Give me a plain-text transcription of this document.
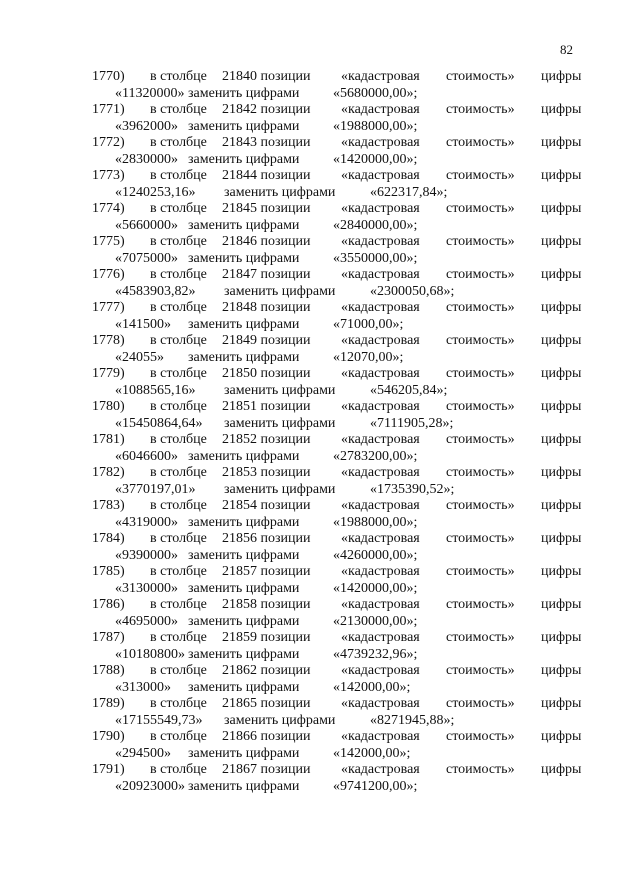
82
1770) в столбце 21840 позиции «кадастровая стоимость» цифры
«11320000» заменить цифрами «5680000,00»;
1771) в столбце 21842 позиции «кадастровая стоимость» цифры
«3962000» заменить цифрами «1988000,00»;
1772) в столбце 21843 позиции «кадастровая стоимость» цифры
«2830000» заменить цифрами «1420000,00»;
1773) в столбце 21844 позиции «кадастровая стоимость» цифры
«1240253,16» заменить цифрами «622317,84»;
1774) в столбце 21845 позиции «кадастровая стоимость» цифры
«5660000» заменить цифрами «2840000,00»;
1775) в столбце 21846 позиции «кадастровая стоимость» цифры
«7075000» заменить цифрами «3550000,00»;
1776) в столбце 21847 позиции «кадастровая стоимость» цифры
«4583903,82» заменить цифрами «2300050,68»;
1777) в столбце 21848 позиции «кадастровая стоимость» цифры
«141500» заменить цифрами «71000,00»;
1778) в столбце 21849 позиции «кадастровая стоимость» цифры
«24055» заменить цифрами «12070,00»;
1779) в столбце 21850 позиции «кадастровая стоимость» цифры
«1088565,16» заменить цифрами «546205,84»;
1780) в столбце 21851 позиции «кадастровая стоимость» цифры
«15450864,64» заменить цифрами «7111905,28»;
1781) в столбце 21852 позиции «кадастровая стоимость» цифры
«6046600» заменить цифрами «2783200,00»;
1782) в столбце 21853 позиции «кадастровая стоимость» цифры
«3770197,01» заменить цифрами «1735390,52»;
1783) в столбце 21854 позиции «кадастровая стоимость» цифры
«4319000» заменить цифрами «1988000,00»;
1784) в столбце 21856 позиции «кадастровая стоимость» цифры
«9390000» заменить цифрами «4260000,00»;
1785) в столбце 21857 позиции «кадастровая стоимость» цифры
«3130000» заменить цифрами «1420000,00»;
1786) в столбце 21858 позиции «кадастровая стоимость» цифры
«4695000» заменить цифрами «2130000,00»;
1787) в столбце 21859 позиции «кадастровая стоимость» цифры
«10180800» заменить цифрами «4739232,96»;
1788) в столбце 21862 позиции «кадастровая стоимость» цифры
«313000» заменить цифрами «142000,00»;
1789) в столбце 21865 позиции «кадастровая стоимость» цифры
«17155549,73» заменить цифрами «8271945,88»;
1790) в столбце 21866 позиции «кадастровая стоимость» цифры
«294500» заменить цифрами «142000,00»;
1791) в столбце 21867 позиции «кадастровая стоимость» цифры
«20923000» заменить цифрами «9741200,00»;
